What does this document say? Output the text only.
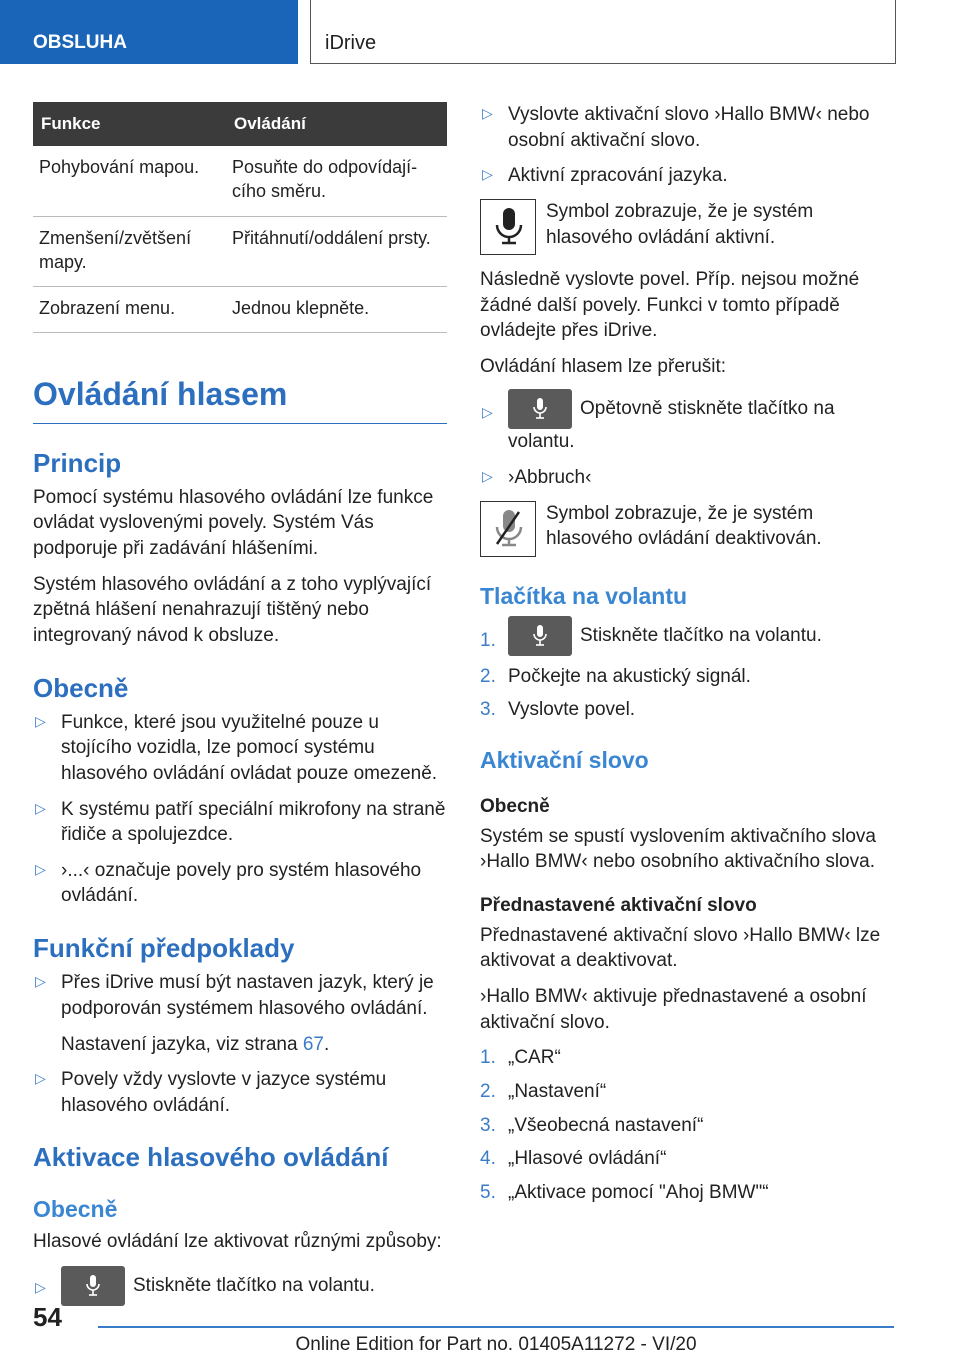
OBSLUHA	iDrive
Funkce	Ovládání
Pohybování mapou.	Posuňte do odpovídajícího směru.
Zmenšení/zvětšení mapy.	Přitáhnutí/oddálení prsty.
Zobrazení menu.	Jednou klepněte.
Ovládání hlasem
Princip

Pomocí systému hlasového ovládání lze funkce ovládat vyslovenými povely. Systém Vás podporuje při zadávání hlášeními.

Systém hlasového ovládání a z toho vyplývající zpětná hlášení nenahrazují tištěný nebo integrovaný návod k obsluze.

Obecně
▷ Funkce, které jsou využitelné pouze u stojícího vozidla, lze pomocí systému hlasového ovládání ovládat pouze omezeně.
▷ K systému patří speciální mikrofony na straně řidiče a spolujezdce.
▷ ›...‹ označuje povely pro systém hlasového ovládání.
Funkční předpoklady
▷ Přes iDrive musí být nastaven jazyk, který je podporován systémem hlasového ovládání.

Nastavení jazyka, viz strana 67.

▷ Povely vždy vyslovte v jazyce systému hlasového ovládání.
Aktivace hlasového ovládání
Obecně

Hlasové ovládání lze aktivovat různými způsoby:

▷	Stiskněte tlačítko na volantu.
▷ Vyslovte aktivační slovo ›Hallo BMW‹ nebo osobní aktivační slovo.
▷ Aktivní zpracování jazyka.
Symbol zobrazuje, že je systém hlasového ovládání aktivní.

Následně vyslovte povel. Příp. nejsou možné žádné další povely. Funkci v tomto případě ovládejte přes iDrive.

Ovládání hlasem lze přerušit:

▷	Opětovně stiskněte tlačítko na volantu.
▷ ›Abbruch‹
Symbol zobrazuje, že je systém hlasového ovládání deaktivován.
Tlačítka na volantu
1.	Stiskněte tlačítko na volantu.
2. Počkejte na akustický signál.
3. Vyslovte povel.
Aktivační slovo
Obecně

Systém se spustí vyslovením aktivačního slova ›Hallo BMW‹ nebo osobního aktivačního slova.

Přednastavené aktivační slovo

Přednastavené aktivační slovo ›Hallo BMW‹ lze aktivovat a deaktivovat.

›Hallo BMW‹ aktivuje přednastavené a osobní aktivační slovo.

1. „CAR“
2. „Nastavení“
3. „Všeobecná nastavení“
4. „Hlasové ovládání“
5. „Aktivace pomocí "Ahoj BMW"“
54
Online Edition for Part no. 01405A11272 - VI/20
